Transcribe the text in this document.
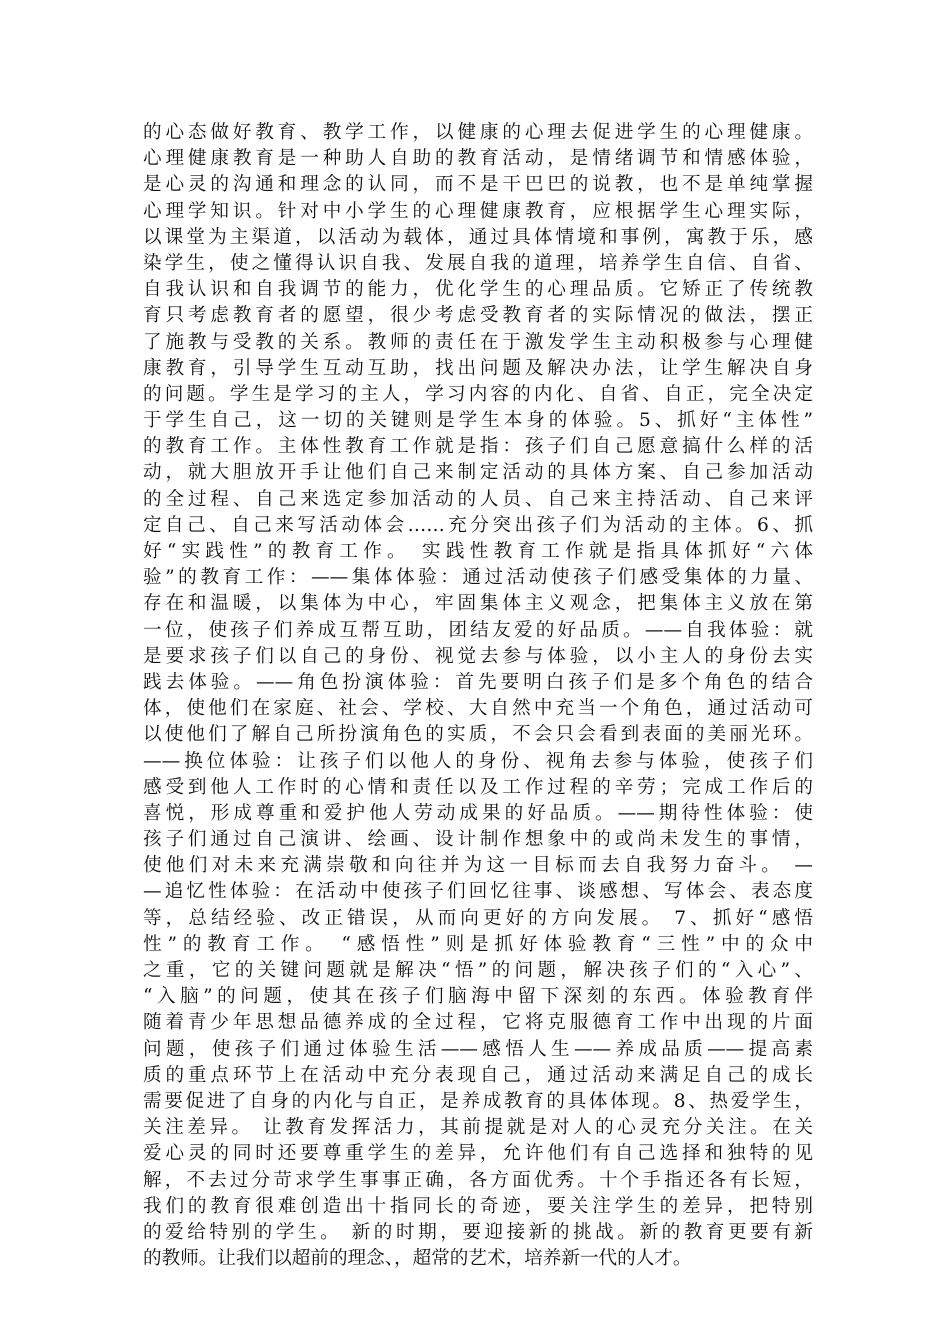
的心态做好教育、教学工作，以健康的心理去促进学生的心理健康。
心理健康教育是一种助人自助的教育活动，是情绪调节和情感体验，
是心灵的沟通和理念的认同，而不是干巴巴的说教，也不是单纯掌握
心理学知识。针对中小学生的心理健康教育，应根据学生心理实际，
以课堂为主渠道，以活动为载体，通过具体情境和事例，寓教于乐，感
染学生，使之懂得认识自我、发展自我的道理，培养学生自信、自省、
自我认识和自我调节的能力，优化学生的心理品质。它矫正了传统教
育只考虑教育者的愿望，很少考虑受教育者的实际情况的做法，摆正
了施教与受教的关系。教师的责任在于激发学生主动积极参与心理健
康教育，引导学生互动互助，找出问题及解决办法，让学生解决自身
的问题。学生是学习的主人，学习内容的内化、自省、自正，完全决定
于学生自己，这一切的关键则是学生本身的体验。5、抓好“主体性”
的教育工作。主体性教育工作就是指：孩子们自己愿意搞什么样的活
动，就大胆放开手让他们自己来制定活动的具体方案、自己参加活动
的全过程、自己来选定参加活动的人员、自己来主持活动、自己来评
定自己、自己来写活动体会……充分突出孩子们为活动的主体。6、抓
好“实践性”的教育工作。 实践性教育工作就是指具体抓好“六体
验”的教育工作：——集体体验：通过活动使孩子们感受集体的力量、
存在和温暖，以集体为中心，牢固集体主义观念，把集体主义放在第
一位，使孩子们养成互帮互助，团结友爱的好品质。——自我体验：就
是要求孩子们以自己的身份、视觉去参与体验，以小主人的身份去实
践去体验。——角色扮演体验：首先要明白孩子们是多个角色的结合
体，使他们在家庭、社会、学校、大自然中充当一个角色，通过活动可
以使他们了解自己所扮演角色的实质，不会只会看到表面的美丽光环。
——换位体验：让孩子们以他人的身份、视角去参与体验，使孩子们
感受到他人工作时的心情和责任以及工作过程的辛劳；完成工作后的
喜悦，形成尊重和爱护他人劳动成果的好品质。——期待性体验：使
孩子们通过自己演讲、绘画、设计制作想象中的或尚未发生的事情，
使他们对未来充满崇敬和向往并为这一目标而去自我努力奋斗。 —
—追忆性体验：在活动中使孩子们回忆往事、谈感想、写体会、表态度
等，总结经验、改正错误，从而向更好的方向发展。 7、抓好“感悟
性”的教育工作。 “感悟性”则是抓好体验教育“三性”中的众中
之重，它的关键问题就是解决“悟”的问题，解决孩子们的“入心”、
“入脑”的问题，使其在孩子们脑海中留下深刻的东西。体验教育伴
随着青少年思想品德养成的全过程，它将克服德育工作中出现的片面
问题，使孩子们通过体验生活——感悟人生——养成品质——提高素
质的重点环节上在活动中充分表现自己，通过活动来满足自己的成长
需要促进了自身的内化与自正，是养成教育的具体体现。8、热爱学生，
关注差异。 让教育发挥活力，其前提就是对人的心灵充分关注。在关
爱心灵的同时还要尊重学生的差异，允许他们有自己选择和独特的见
解，不去过分苛求学生事事正确，各方面优秀。十个手指还各有长短，
我们的教育很难创造出十指同长的奇迹，要关注学生的差异，把特别
的爱给特别的学生。 新的时期，要迎接新的挑战。新的教育更要有新
的教师。让我们以超前的理念、，超常的艺术，培养新一代的人才。
